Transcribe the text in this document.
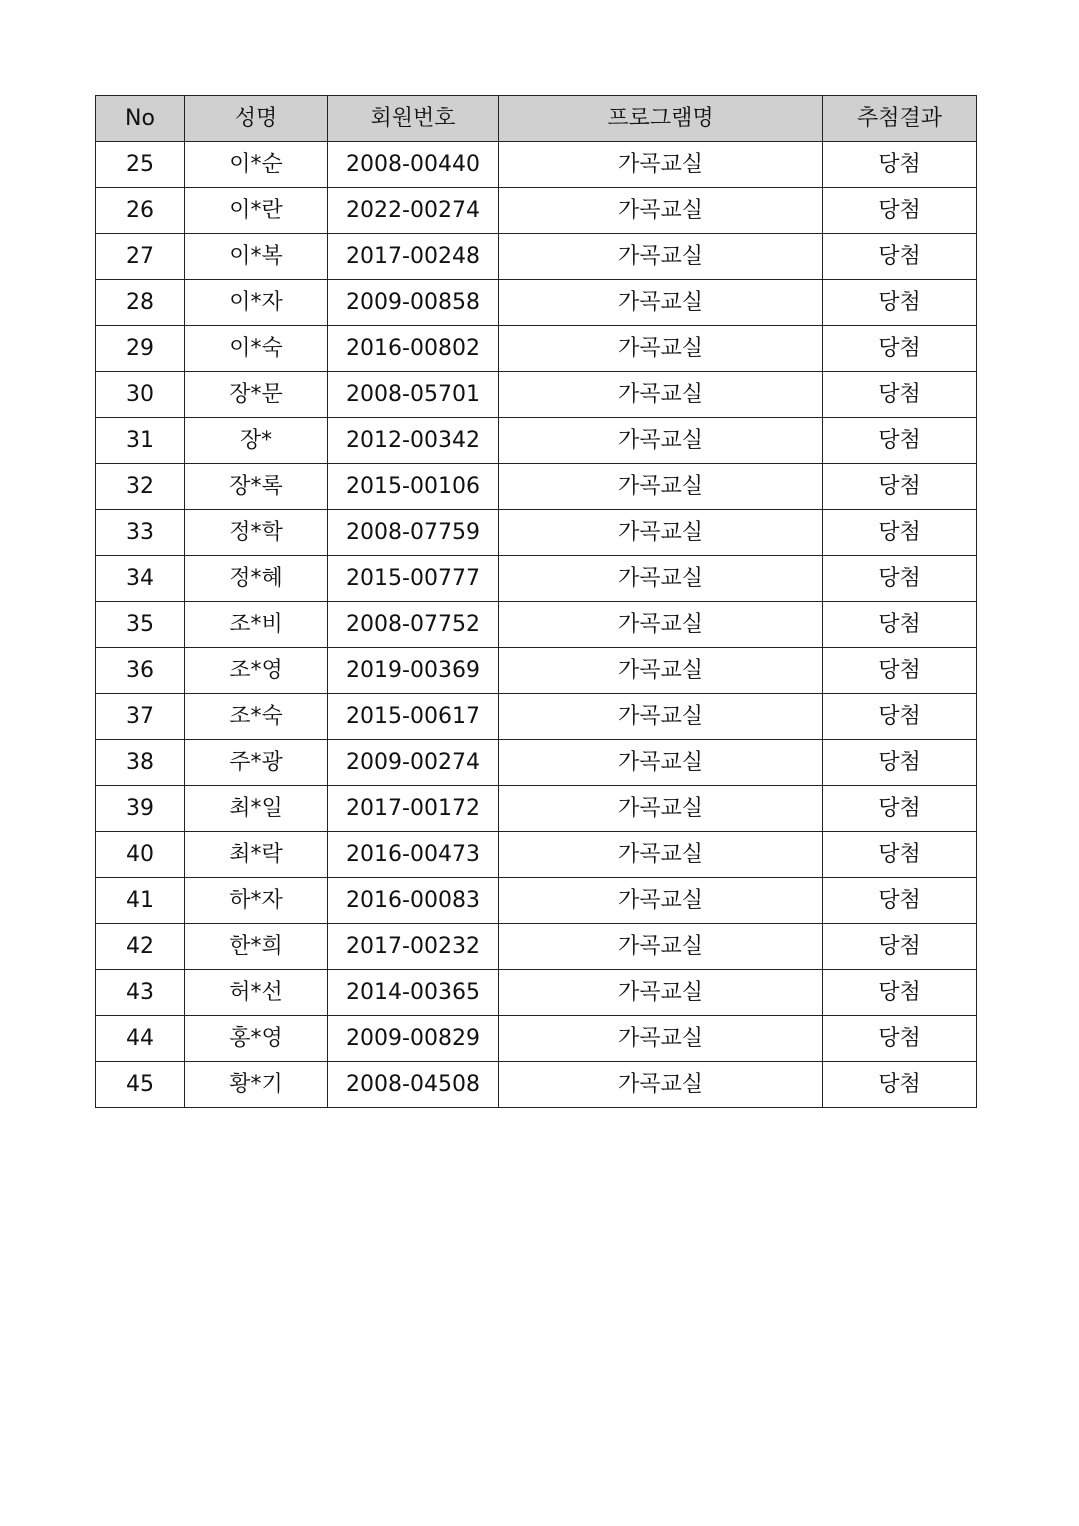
No	성명	회원번호	프로그램명	추첨결과
25	이*순	2008-00440	가곡교실	당첨
26	이*란	2022-00274	가곡교실	당첨
27	이*복	2017-00248	가곡교실	당첨
28	이*자	2009-00858	가곡교실	당첨
29	이*숙	2016-00802	가곡교실	당첨
30	장*문	2008-05701	가곡교실	당첨
31	장*	2012-00342	가곡교실	당첨
32	장*록	2015-00106	가곡교실	당첨
33	정*학	2008-07759	가곡교실	당첨
34	정*혜	2015-00777	가곡교실	당첨
35	조*비	2008-07752	가곡교실	당첨
36	조*영	2019-00369	가곡교실	당첨
37	조*숙	2015-00617	가곡교실	당첨
38	주*광	2009-00274	가곡교실	당첨
39	최*일	2017-00172	가곡교실	당첨
40	최*락	2016-00473	가곡교실	당첨
41	하*자	2016-00083	가곡교실	당첨
42	한*희	2017-00232	가곡교실	당첨
43	허*선	2014-00365	가곡교실	당첨
44	홍*영	2009-00829	가곡교실	당첨
45	황*기	2008-04508	가곡교실	당첨
